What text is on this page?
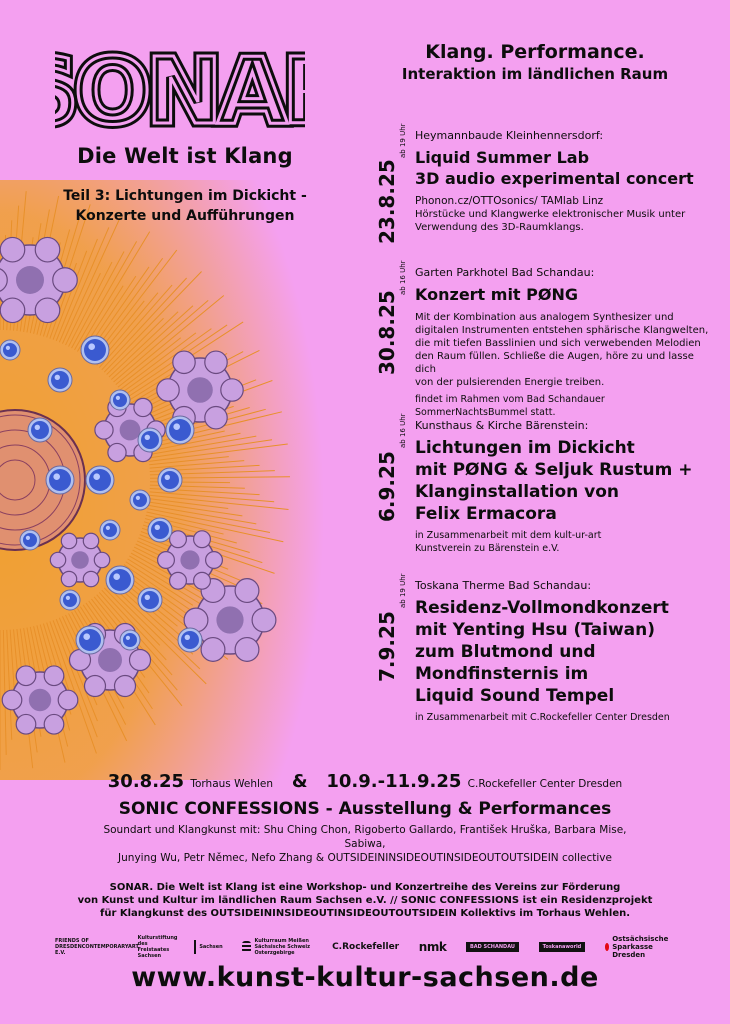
ONA
ONA
Die Welt ist Klang
Teil 3: Lichtungen im Dickicht -
Konzerte und Aufführungen
Klang. Performance.
Interaktion im ländlichen Raum
23.8.25
ab 19 Uhr Heymannbaude Kleinhennersdorf:
Liquid Summer Lab
3D audio experimental concert
Phonon.cz/OTTOsonics/ TAMlab Linz
Hörstücke und Klangwerke elektronischer Musik unter
Verwendung des 3D-Raumklangs.
30.8.25
ab 16 Uhr Garten Parkhotel Bad Schandau:
Konzert mit PØNG
Mit der Kombination aus analogem Synthesizer und
digitalen Instrumenten entstehen sphärische Klangwelten,
die mit tiefen Basslinien und sich verwebenden Melodien
den Raum füllen. Schließe die Augen, höre zu und lasse dich
von der pulsierenden Energie treiben.
findet im Rahmen vom Bad Schandauer
SommerNachtsBummel statt.
6.9.25
ab 16 Uhr Kunsthaus & Kirche Bärenstein:
Lichtungen im Dickicht
mit PØNG & Seljuk Rustum +
Klanginstallation von
Felix Ermacora
in Zusammenarbeit mit dem kult-ur-art
Kunstverein zu Bärenstein e.V.
7.9.25
ab 19 Uhr Toskana Therme Bad Schandau:
Residenz-Vollmondkonzert
mit Yenting Hsu (Taiwan)
zum Blutmond und
Mondfinsternis im
Liquid Sound Tempel
in Zusammenarbeit mit C.Rockefeller Center Dresden
30.8.25 Torhaus Wehlen & 10.9.-11.9.25 C.Rockefeller Center Dresden
SONIC CONFESSIONS - Ausstellung & Performances
Soundart und Klangkunst mit: Shu Ching Chon, Rigoberto Gallardo, František Hruška, Barbara Mise, Sabiwa,
Junying Wu, Petr Němec, Nefo Zhang & OUTSIDEININSIDEOUTINSIDEOUTOUTSIDEIN collective
SONAR. Die Welt ist Klang ist eine Workshop- und Konzertreihe des Vereins zur Förderung
von Kunst und Kultur im ländlichen Raum Sachsen e.V. // SONIC CONFESSIONS ist ein Residenzprojekt
für Klangkunst des OUTSIDEININSIDEOUTINSIDEOUTOUTSIDEIN Kollektivs im Torhaus Wehlen.
FRIENDS OF DRESDENCONTEMPORARYART E.V.
Kulturstiftung des Freistaates Sachsen
Sachsen
Kulturraum Meißen Sächsische Schweiz Osterzgebirge
C.Rockefeller nmk	BAD SCHANDAU	Toskanaworld
Ostsächsische Sparkasse Dresden
www.kunst-kultur-sachsen.de
